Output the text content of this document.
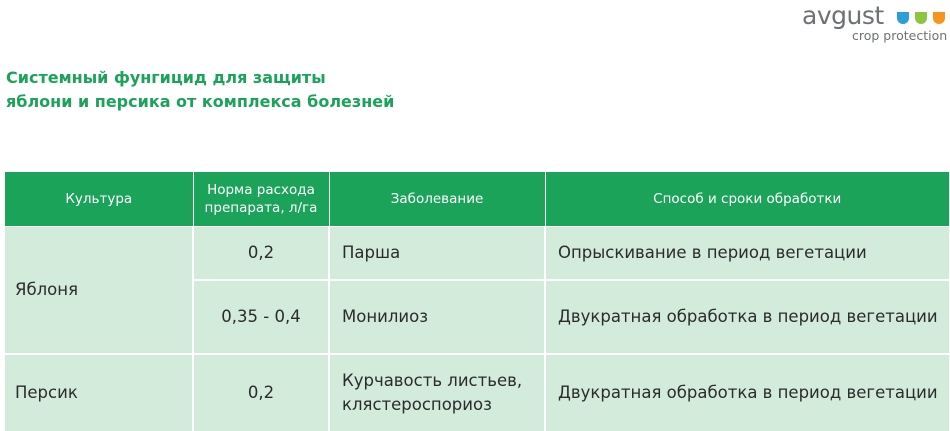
avgust
crop protection
Системный фунгицид для защиты
яблони и персика от комплекса болезней
Культура	Норма расхода препарата, л/га	Заболевание	Способ и сроки обработки
Яблоня	0,2	Парша	Опрыскивание в период вегетации
	0,35 - 0,4	Монилиоз	Двукратная обработка в период вегетации
Персик	0,2	Курчавость листьев, клястероспориоз	Двукратная обработка в период вегетации
